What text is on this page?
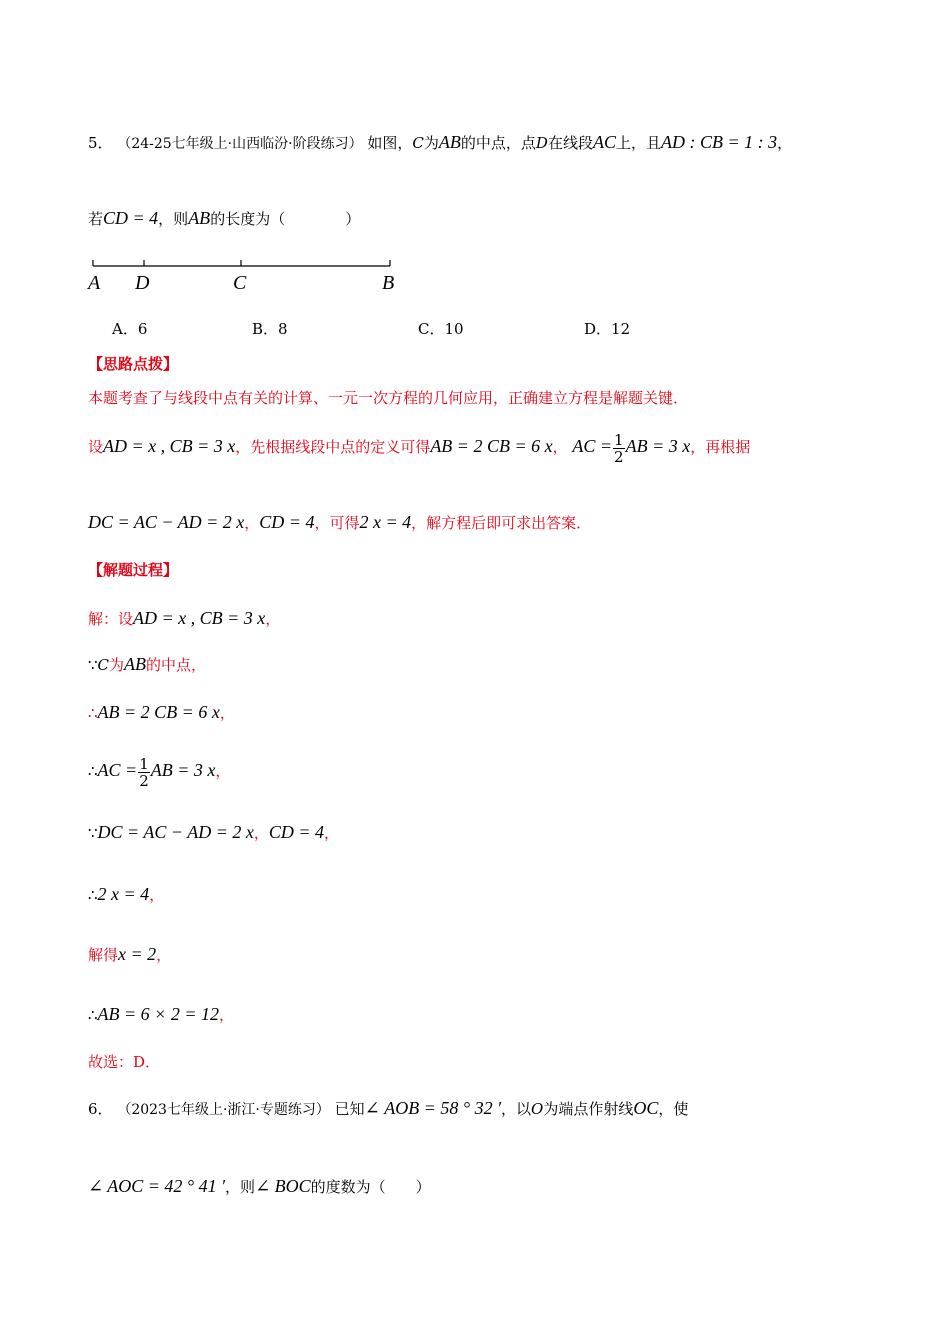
5． （24-25七年级上·山西临汾·阶段练习） 如图，C为AB的中点，点D在线段AC上，且AD : CB = 1 : 3，
若CD = 4，则AB的长度为（　　　　）
A D	C	B
A．6	B．8	C．10	D．12
【思路点拨】
本题考查了与线段中点有关的计算、一元一次方程的几何应用，正确建立方程是解题关键．
设AD = x , CB = 3 x，先根据线段中点的定义可得AB = 2 CB = 6 x， AC = $\frac{1}{2}$ AB = 3 x，再根据
DC = AC − AD = 2 x，CD = 4，可得2 x = 4，解方程后即可求出答案．
【解题过程】
解：设AD = x , CB = 3 x，
∵C为AB的中点，
∴AB = 2 CB = 6 x，
∴AC = $\frac{1}{2}$ AB = 3 x，
∵DC = AC − AD = 2 x，CD = 4，
∴2 x = 4，
解得x = 2，
∴AB = 6 × 2 = 12，
故选：D．
6． （2023七年级上·浙江·专题练习） 已知∠ AOB = 58 ° 32 ′，以O为端点作射线OC，使
∠ AOC = 42 ° 41 ′，则∠ BOC的度数为（　　）
